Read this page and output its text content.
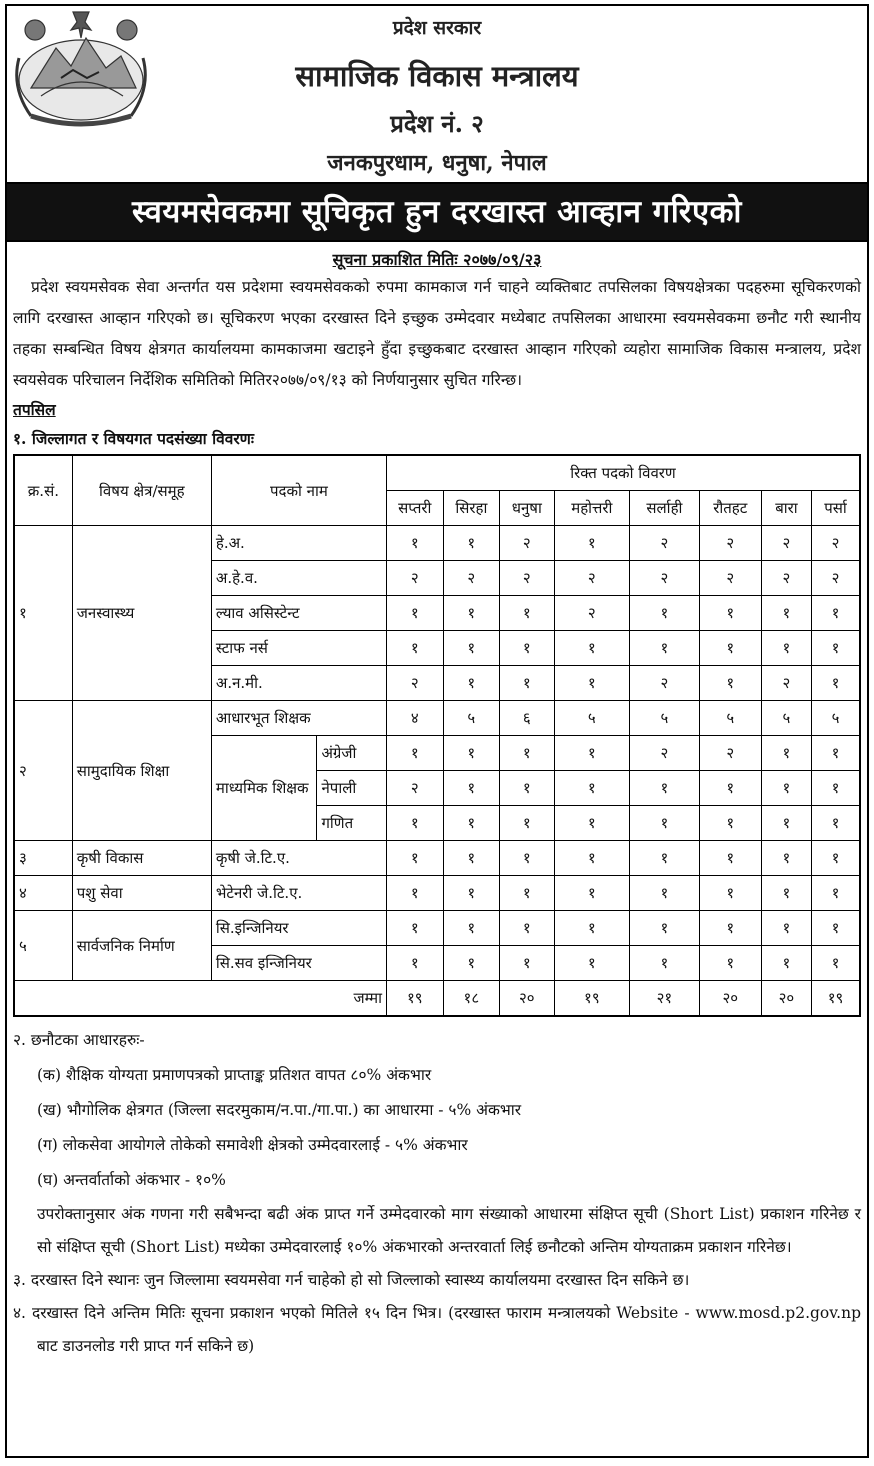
प्रदेश सरकार
सामाजिक विकास मन्त्रालय
प्रदेश नं. २
जनकपुरधाम, धनुषा, नेपाल
स्वयमसेवकमा सूचिकृत हुन दरखास्त आव्हान गरिएको
सूचना प्रकाशित मितिः २०७७/०९/२३

प्रदेश स्वयमसेवक सेवा अन्तर्गत यस प्रदेशमा स्वयमसेवकको रुपमा कामकाज गर्न चाहने व्यक्तिबाट तपसिलका विषयक्षेत्रका पदहरुमा सूचिकरणको लागि दरखास्त आव्हान गरिएको छ। सूचिकरण भएका दरखास्त दिने इच्छुक उम्मेदवार मध्येबाट तपसिलका आधारमा स्वयमसेवकमा छनौट गरी स्थानीय तहका सम्बन्धित विषय क्षेत्रगत कार्यालयमा कामकाजमा खटाइने हुँदा इच्छुकबाट दरखास्त आव्हान गरिएको व्यहोरा सामाजिक विकास मन्त्रालय, प्रदेश स्वयसेवक परिचालन निर्देशिक समितिको मितिर२०७७/०९/१३ को निर्णयानुसार सुचित गरिन्छ।

तपसिल
१. जिल्लागत र विषयगत पदसंख्या विवरणः
क्र.सं.	विषय क्षेत्र/समूह	पदको नाम		रिक्त पदको विवरण							
				सप्तरी	सिरहा	धनुषा	महोत्तरी	सर्लाही	रौतहट	बारा	पर्सा
१	जनस्वास्थ्य	हे.अ.		१	१	२	१	२	२	२	२
		अ.हे.व.		२	२	२	२	२	२	२	२
		ल्याव असिस्टेन्ट		१	१	१	२	१	१	१	१
		स्टाफ नर्स		१	१	१	१	१	१	१	१
		अ.न.मी.		२	१	१	१	२	१	२	१
२	सामुदायिक शिक्षा	आधारभूत शिक्षक		४	५	६	५	५	५	५	५
		माध्यमिक शिक्षक	अंग्रेजी	१	१	१	१	२	२	१	१
			नेपाली	२	१	१	१	१	१	१	१
			गणित	१	१	१	१	१	१	१	१
३	कृषी विकास	कृषी जे.टि.ए.		१	१	१	१	१	१	१	१
४	पशु सेवा	भेटेनरी जे.टि.ए.		१	१	१	१	१	१	१	१
५	सार्वजनिक निर्माण	सि.इन्जिनियर		१	१	१	१	१	१	१	१
		सि.सव इन्जिनियर		१	१	१	१	१	१	१	१
जम्मा				१९	१८	२०	१९	२१	२०	२०	१९
२. छनौटका आधारहरुः-
(क) शैक्षिक योग्यता प्रमाणपत्रको प्राप्ताङ्क प्रतिशत वापत ८०% अंकभार
(ख) भौगोलिक क्षेत्रगत (जिल्ला सदरमुकाम/न.पा./गा.पा.) का आधारमा - ५% अंकभार
(ग) लोकसेवा आयोगले तोकेको समावेशी क्षेत्रको उम्मेदवारलाई - ५% अंकभार
(घ) अन्तर्वार्ताको अंकभार - १०%

उपरोक्तानुसार अंक गणना गरी सबैभन्दा बढी अंक प्राप्त गर्ने उम्मेदवारको माग संख्याको आधारमा संक्षिप्त सूची (Short List) प्रकाशन गरिनेछ र सो संक्षिप्त सूची (Short List) मध्येका उम्मेदवारलाई १०% अंकभारको अन्तरवार्ता लिई छनौटको अन्तिम योग्यताक्रम प्रकाशन गरिनेछ।

३. दरखास्त दिने स्थानः जुन जिल्लामा स्वयमसेवा गर्न चाहेको हो सो जिल्लाको स्वास्थ्य कार्यालयमा दरखास्त दिन सकिने छ।

४. दरखास्त दिने अन्तिम मितिः सूचना प्रकाशन भएको मितिले १५ दिन भित्र। (दरखास्त फाराम मन्त्रालयको Website - www.mosd.p2.gov.np बाट डाउनलोड गरी प्राप्त गर्न सकिने छ)
